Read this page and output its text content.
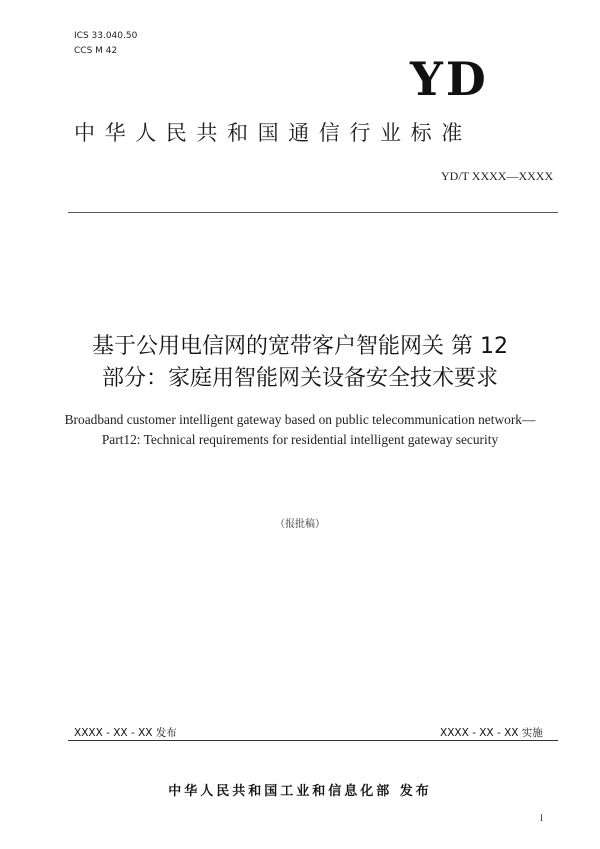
ICS 33.040.50
CCS M 42
YD
中华人民共和国通信行业标准
YD/T XXXX—XXXX
基于公用电信网的宽带客户智能网关 第 12
部分：家庭用智能网关设备安全技术要求
Broadband customer intelligent gateway based on public telecommunication network—
Part12: Technical requirements for residential intelligent gateway security
（报批稿）
XXXX - XX - XX 发布	XXXX - XX - XX 实施
中华人民共和国工业和信息化部 发布
I
